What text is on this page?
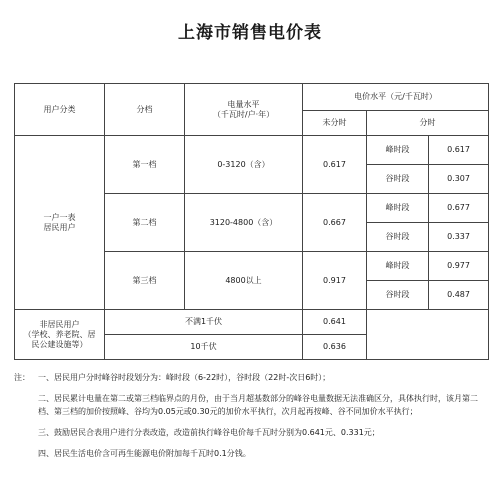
上海市销售电价表
用户分类	分档	电量水平
（千瓦时/户·年）	电价水平（元/千瓦时）		
			未分时	分时	

一户一表
居民用户	第一档	0-3120（含）	0.617	峰时段	0.617
				谷时段	0.307
	第二档	3120-4800（含）	0.667	峰时段	0.677
				谷时段	0.337
	第三档	4800以上	0.917	峰时段	0.977
				谷时段	0.487

非居民用户
（学校、养老院、居
民公建设施等）	不满1千伏		0.641		
	10千伏		0.636		
注：	一、居民用户分时峰谷时段划分为：峰时段（6-22时），谷时段（22时-次日6时）；
二、居民累计电量在第二或第三档临界点的月份，由于当月超基数部分的峰谷电量数据无法准确区分，具体执行时，该月第二档、第三档的加价按照峰、谷均为0.05元或0.30元的加价水平执行，次月起再按峰、谷不同加价水平执行；
三、鼓励居民合表用户进行分表改造，改造前执行峰谷电价每千瓦时分别为0.641元、0.331元；
四、居民生活电价含可再生能源电价附加每千瓦时0.1分钱。
